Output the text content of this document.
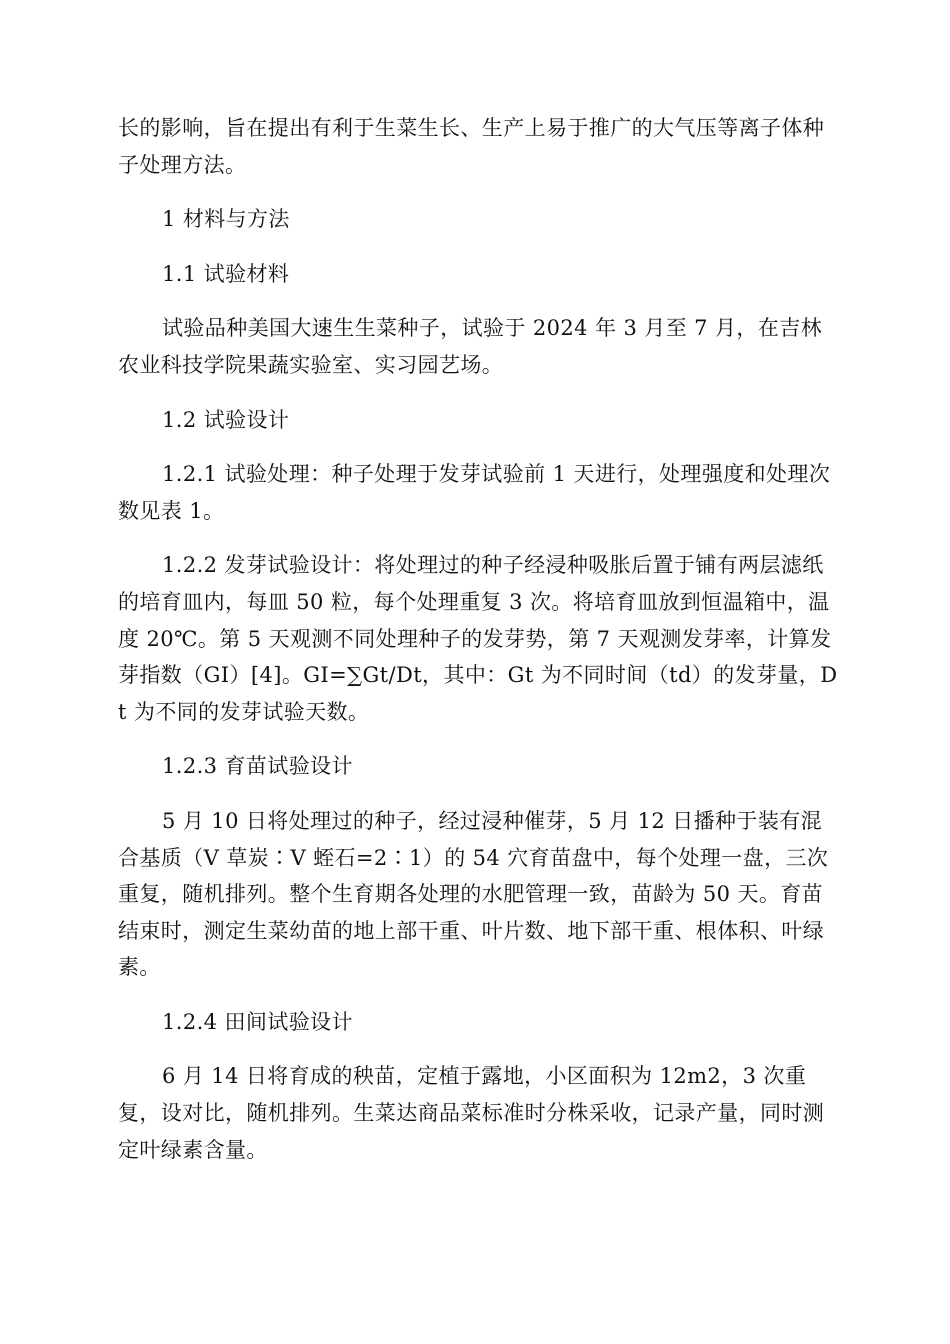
长的影响，旨在提出有利于生菜生长、生产上易于推广的大气压等离子体种子处理方法。

1 材料与方法

1.1 试验材料

试验品种美国大速生生菜种子，试验于 2024 年 3 月至 7 月，在吉林农业科技学院果蔬实验室、实习园艺场。

1.2 试验设计

1.2.1 试验处理：种子处理于发芽试验前 1 天进行，处理强度和处理次数见表 1。

1.2.2 发芽试验设计：将处理过的种子经浸种吸胀后置于铺有两层滤纸的培育皿内，每皿 50 粒，每个处理重复 3 次。将培育皿放到恒温箱中，温度 20℃。第 5 天观测不同处理种子的发芽势，第 7 天观测发芽率，计算发芽指数（GI）[4]。GI=∑Gt/Dt，其中：Gt 为不同时间（td）的发芽量，Dt 为不同的发芽试验天数。

1.2.3 育苗试验设计

5 月 10 日将处理过的种子，经过浸种催芽，5 月 12 日播种于装有混合基质（V 草炭∶V 蛭石=2∶1）的 54 穴育苗盘中，每个处理一盘，三次重复，随机排列。整个生育期各处理的水肥管理一致，苗龄为 50 天。育苗结束时，测定生菜幼苗的地上部干重、叶片数、地下部干重、根体积、叶绿素。

1.2.4 田间试验设计

6 月 14 日将育成的秧苗，定植于露地，小区面积为 12m2，3 次重复，设对比，随机排列。生菜达商品菜标准时分株采收，记录产量，同时测定叶绿素含量。
